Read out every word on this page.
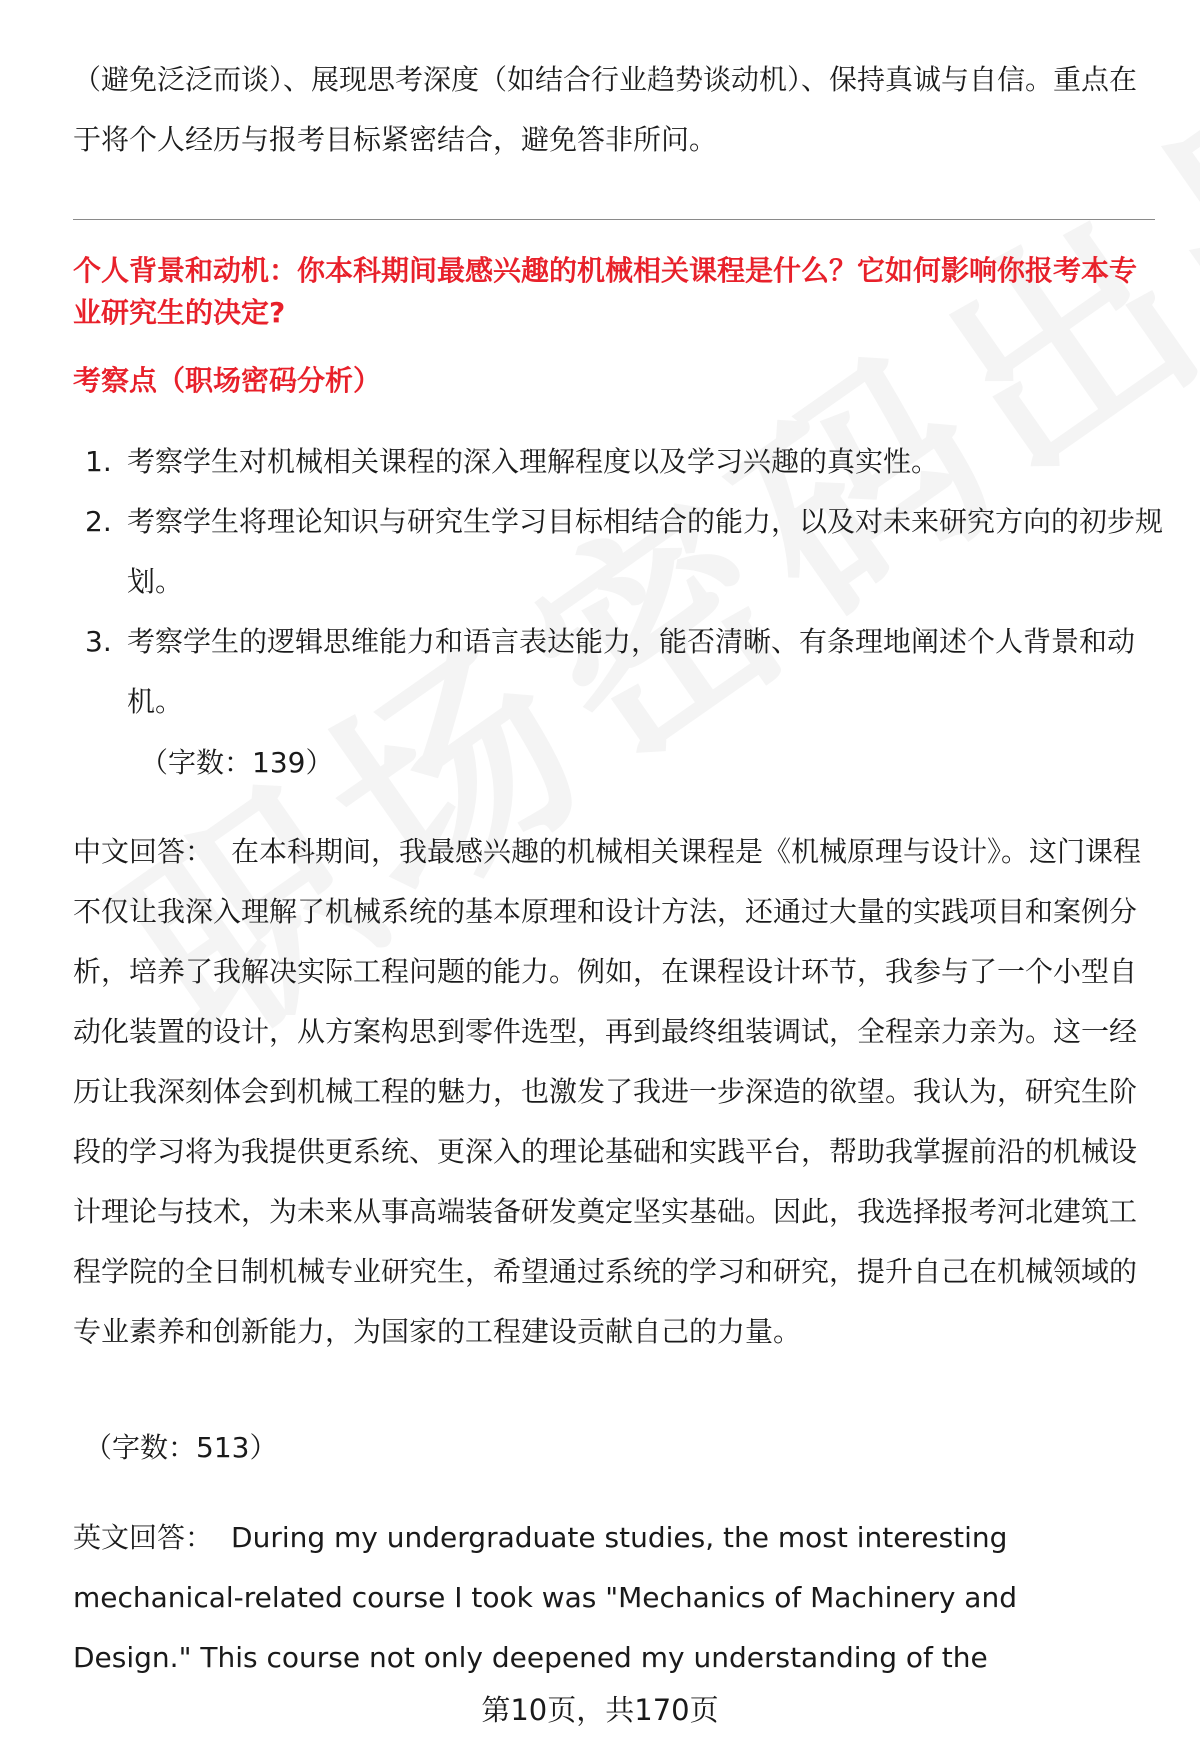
（避免泛泛而谈）、展现思考深度（如结合行业趋势谈动机）、保持真诚与自信。重点在于将个人经历与报考目标紧密结合，避免答非所问。

个人背景和动机：你本科期间最感兴趣的机械相关课程是什么？它如何影响你报考本专业研究生的决定?
考察点（职场密码分析）
1. 考察学生对机械相关课程的深入理解程度以及学习兴趣的真实性。
2. 考察学生将理论知识与研究生学习目标相结合的能力，以及对未来研究方向的初步规划。
3. 考察学生的逻辑思维能力和语言表达能力，能否清晰、有条理地阐述个人背景和动机。

（字数：139）

中文回答： 在本科期间，我最感兴趣的机械相关课程是《机械原理与设计》。这门课程不仅让我深入理解了机械系统的基本原理和设计方法，还通过大量的实践项目和案例分析，培养了我解决实际工程问题的能力。例如，在课程设计环节，我参与了一个小型自动化装置的设计，从方案构思到零件选型，再到最终组装调试，全程亲力亲为。这一经历让我深刻体会到机械工程的魅力，也激发了我进一步深造的欲望。我认为，研究生阶段的学习将为我提供更系统、更深入的理论基础和实践平台，帮助我掌握前沿的机械设计理论与技术，为未来从事高端装备研发奠定坚实基础。因此，我选择报考河北建筑工程学院的全日制机械专业研究生，希望通过系统的学习和研究，提升自己在机械领域的专业素养和创新能力，为国家的工程建设贡献自己的力量。

（字数：513）

英文回答： During my undergraduate studies, the most interesting mechanical-related course I took was "Mechanics of Machinery and Design." This course not only deepened my understanding of the

第10页，共170页
